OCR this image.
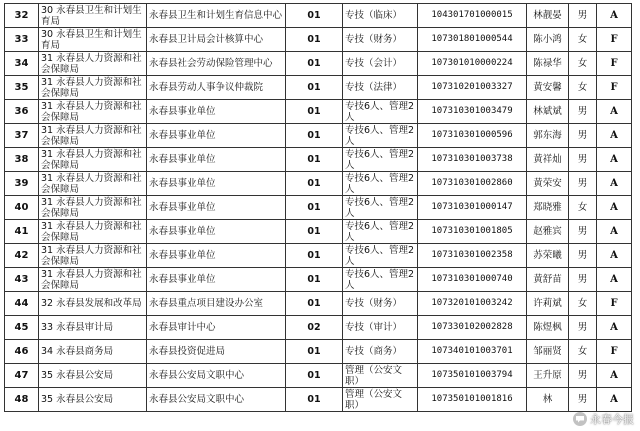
32	30 永春县卫生和计划生育局	永春县卫生和计划生育信息中心	01	专技（临床）	104301701000015	林靓晏	男	A
33	30 永春县卫生和计划生育局	永春县卫计局会计核算中心	01	专技（财务）	107301801000544	陈小鸿	女	F
34	31 永春县人力资源和社会保障局	永春县社会劳动保险管理中心	01	专技（会计）	107301010000224	陈禄华	女	F
35	31 永春县人力资源和社会保障局	永春县劳动人事争议仲裁院	01	专技（法律）	107310201003327	黄安馨	女	F
36	31 永春县人力资源和社会保障局	永春县事业单位	01	专技6人、管理2人	107310301003479	林斌斌	男	A
37	31 永春县人力资源和社会保障局	永春县事业单位	01	专技6人、管理2人	107310301000596	郭东海	男	A
38	31 永春县人力资源和社会保障局	永春县事业单位	01	专技6人、管理2人	107310301003738	黄祥灿	男	A
39	31 永春县人力资源和社会保障局	永春县事业单位	01	专技6人、管理2人	107310301002860	黄荣安	男	A
40	31 永春县人力资源和社会保障局	永春县事业单位	01	专技6人、管理2人	107310301000147	郑晓雅	女	A
41	31 永春县人力资源和社会保障局	永春县事业单位	01	专技6人、管理2人	107310301001805	赵雅宾	男	A
42	31 永春县人力资源和社会保障局	永春县事业单位	01	专技6人、管理2人	107310301002358	苏荣曦	男	A
43	31 永春县人力资源和社会保障局	永春县事业单位	01	专技6人、管理2人	107310301000740	黄舒苗	男	A
44	32 永春县发展和改革局	永春县重点项目建设办公室	01	专技（财务）	107320101003242	许莉斌	女	F
45	33 永春县审计局	永春县审计中心	02	专技（审计）	107330102002828	陈煜枫	男	A
46	34 永春县商务局	永春县投资促进局	01	专技（商务）	107340101003701	邹丽贤	女	F
47	35 永春县公安局	永春县公安局文职中心	01	管理（公安文职）	107350101003794	王升原	男	A
48	35 永春县公安局	永春县公安局文职中心	01	管理（公安文职）	107350101001816	林	男	A
永春今报
